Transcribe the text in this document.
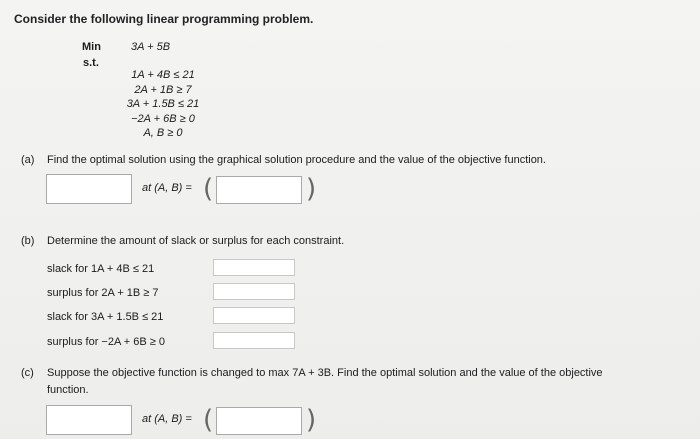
Consider the following linear programming problem.
Min
s.t.
3A + 5B
1A + 4B ≤ 21
2A + 1B ≥ 7
3A + 1.5B ≤ 21
−2A + 6B ≥ 0
A, B ≥ 0
(a) Find the optimal solution using the graphical solution procedure and the value of the objective function.
at (A, B) = (	)
(b) Determine the amount of slack or surplus for each constraint.
slack for 1A + 4B ≤ 21
surplus for 2A + 1B ≥ 7
slack for 3A + 1.5B ≤ 21
surplus for −2A + 6B ≥ 0
(c) Suppose the objective function is changed to max 7A + 3B. Find the optimal solution and the value of the objective
function.
at (A, B) = (	)
